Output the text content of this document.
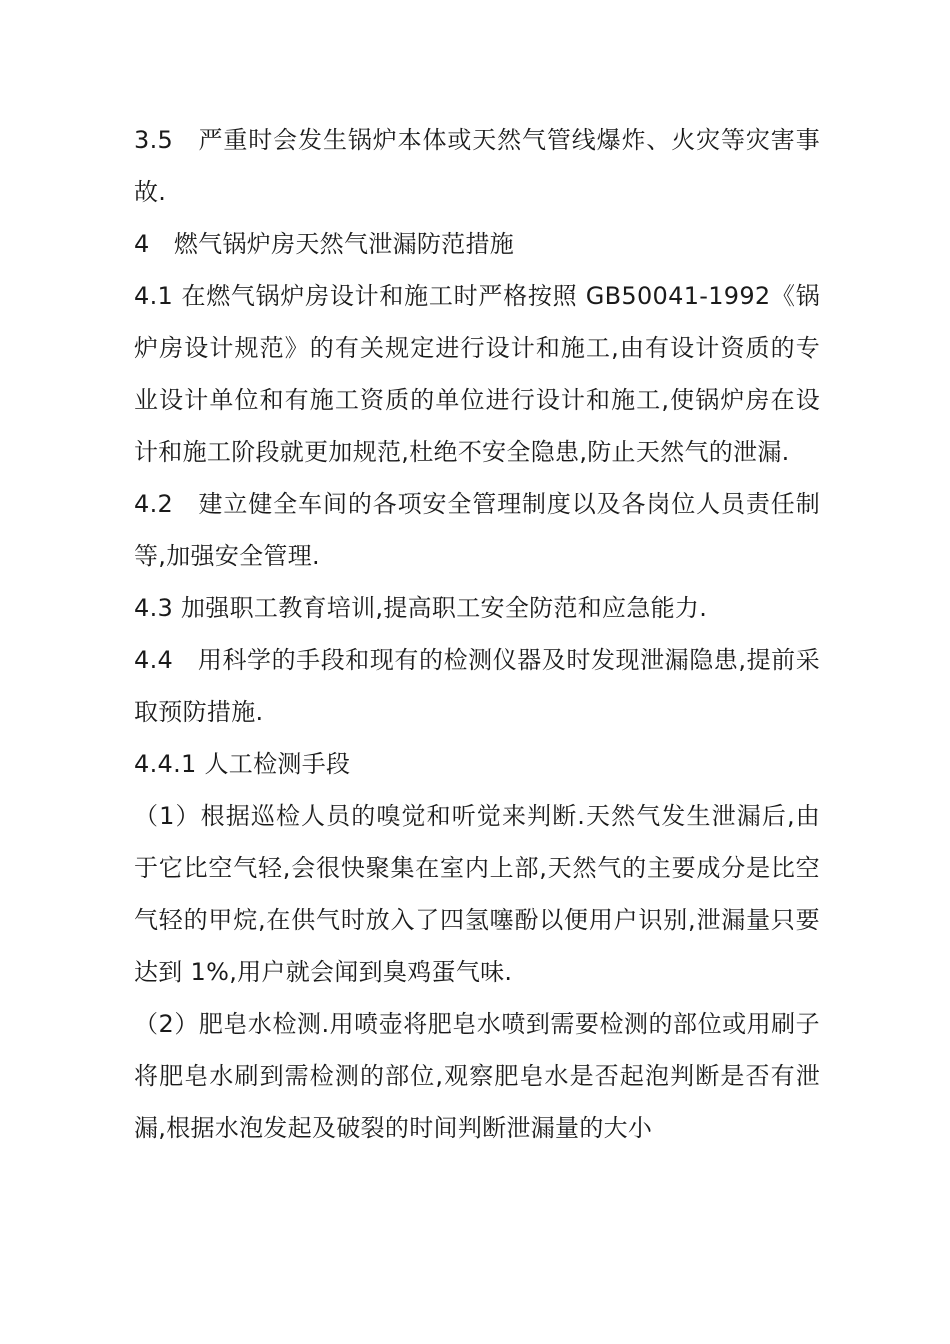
3.5　严重时会发生锅炉本体或天然气管线爆炸、火灾等灾害事故.

4　燃气锅炉房天然气泄漏防范措施

4.1 在燃气锅炉房设计和施工时严格按照 GB50041-1992《锅炉房设计规范》的有关规定进行设计和施工,由有设计资质的专业设计单位和有施工资质的单位进行设计和施工,使锅炉房在设计和施工阶段就更加规范,杜绝不安全隐患,防止天然气的泄漏.

4.2　建立健全车间的各项安全管理制度以及各岗位人员责任制等,加强安全管理.

4.3 加强职工教育培训,提高职工安全防范和应急能力.

4.4　用科学的手段和现有的检测仪器及时发现泄漏隐患,提前采取预防措施.

4.4.1 人工检测手段

（1）根据巡检人员的嗅觉和听觉来判断.天然气发生泄漏后,由于它比空气轻,会很快聚集在室内上部,天然气的主要成分是比空气轻的甲烷,在供气时放入了四氢噻酚以便用户识别,泄漏量只要达到 1%,用户就会闻到臭鸡蛋气味.

（2）肥皂水检测.用喷壶将肥皂水喷到需要检测的部位或用刷子将肥皂水刷到需检测的部位,观察肥皂水是否起泡判断是否有泄漏,根据水泡发起及破裂的时间判断泄漏量的大小
